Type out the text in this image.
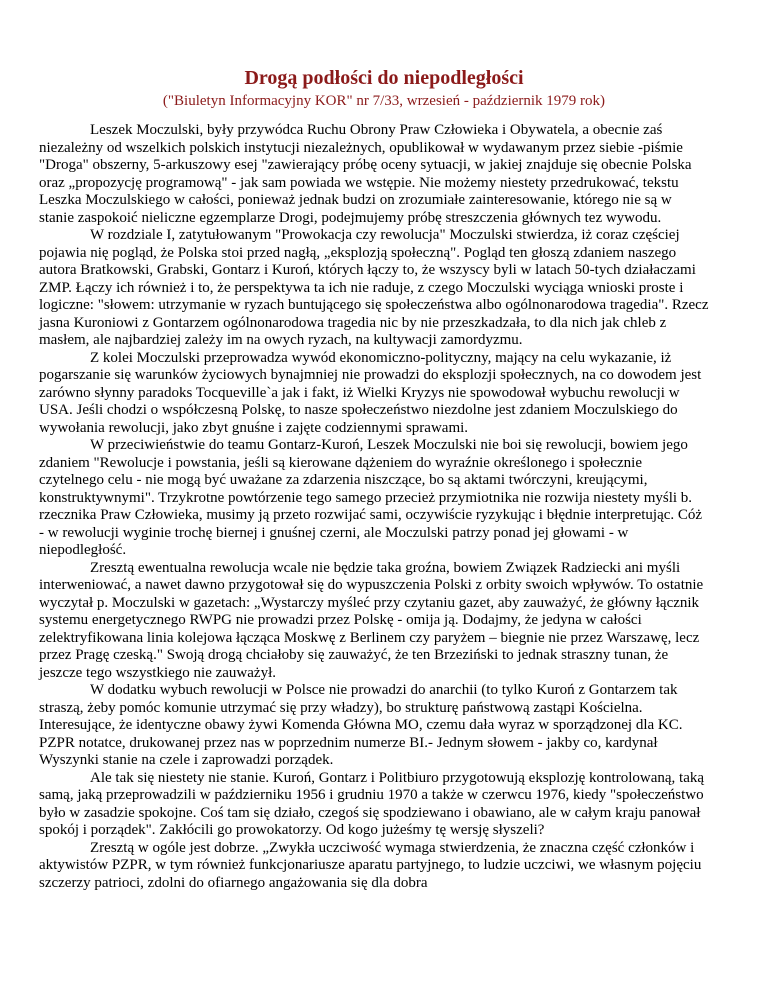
Drogą podłości do niepodległości
("Biuletyn Informacyjny KOR" nr 7/33, wrzesień - październik 1979 rok)

Leszek Moczulski, były przywódca Ruchu Obrony Praw Człowieka i Obywatela, a obecnie zaś niezależny od wszelkich polskich instytucji niezależnych, opublikował w wydawanym przez siebie -piśmie "Droga" obszerny, 5-arkuszowy esej "zawierający próbę oceny sytuacji, w jakiej znajduje się obecnie Polska oraz „propozycję programową" - jak sam powiada we wstępie. Nie możemy niestety przedrukować, tekstu Leszka Moczulskiego w całości, ponieważ jednak budzi on zrozumiałe zainteresowanie, którego nie są w stanie zaspokoić nieliczne egzemplarze Drogi, podejmujemy próbę streszczenia głównych tez wywodu.

W rozdziale I, zatytułowanym "Prowokacja czy rewolucja" Moczulski stwierdza, iż coraz częściej pojawia nię pogląd, że Polska stoi przed nagłą, „eksplozją społeczną". Pogląd ten głoszą zdaniem naszego autora Bratkowski, Grabski, Gontarz i Kuroń, których łączy to, że wszyscy byli w latach 50-tych działaczami ZMP. Łączy ich również i to, że perspektywa ta ich nie raduje, z czego Moczulski wyciąga wnioski proste i logiczne: "słowem: utrzymanie w ryzach buntującego się społeczeństwa albo ogólnonarodowa tragedia". Rzecz jasna Kuroniowi z Gontarzem ogólnonarodowa tragedia nic by nie przeszkadzała, to dla nich jak chleb z masłem, ale najbardziej zależy im na owych ryzach, na kultywacji zamordyzmu.

Z kolei Moczulski przeprowadza wywód ekonomiczno-polityczny, mający na celu wykazanie, iż pogarszanie się warunków życiowych bynajmniej nie prowadzi do eksplozji społecznych, na co dowodem jest zarówno słynny paradoks Tocqueville`a jak i fakt, iż Wielki Kryzys nie spowodował wybuchu rewolucji w USA. Jeśli chodzi o współczesną Polskę, to nasze społeczeństwo niezdolne jest zdaniem Moczulskiego do wywołania rewolucji, jako zbyt gnuśne i zajęte codziennymi sprawami.

W przeciwieństwie do teamu Gontarz-Kuroń, Leszek Moczulski nie boi się rewolucji, bowiem jego zdaniem "Rewolucje i powstania, jeśli są kierowane dążeniem do wyraźnie określonego i społecznie czytelnego celu - nie mogą być uważane za zdarzenia niszczące, bo są aktami twórczyni, kreującymi, konstruktywnymi". Trzykrotne powtórzenie tego samego przecież przymiotnika nie rozwija niestety myśli b. rzecznika Praw Człowieka, musimy ją przeto rozwijać sami, oczywiście ryzykując i błędnie interpretując. Cóż - w rewolucji wyginie trochę biernej i gnuśnej czerni, ale Moczulski patrzy ponad jej głowami - w niepodległość.

Zresztą ewentualna rewolucja wcale nie będzie taka groźna, bowiem Związek Radziecki ani myśli interweniować, a nawet dawno przygotował się do wypuszczenia Polski z orbity swoich wpływów. To ostatnie wyczytał p. Moczulski w gazetach: „Wystarczy myśleć przy czytaniu gazet, aby zauważyć, że główny łącznik systemu energetycznego RWPG nie prowadzi przez Polskę - omija ją. Dodajmy, że jedyna w całości zelektryfikowana linia kolejowa łącząca Moskwę z Berlinem czy paryżem – biegnie nie przez Warszawę, lecz przez Pragę czeską." Swoją drogą chciałoby się zauważyć, że ten Brzeziński to jednak straszny tunan, że jeszcze tego wszystkiego nie zauważył.

W dodatku wybuch rewolucji w Polsce nie prowadzi do anarchii (to tylko Kuroń z Gontarzem tak straszą, żeby pomóc komunie utrzymać się przy władzy), bo strukturę państwową zastąpi Kościelna. Interesujące, że identyczne obawy żywi Komenda Główna MO, czemu dała wyraz w sporządzonej dla KC. PZPR notatce, drukowanej przez nas w poprzednim numerze BI.- Jednym słowem - jakby co, kardynał Wyszynki stanie na czele i zaprowadzi porządek.

Ale tak się niestety nie stanie. Kuroń, Gontarz i Politbiuro przygotowują eksplozję kontrolowaną, taką samą, jaką przeprowadzili w październiku 1956 i grudniu 1970 a także w czerwcu 1976, kiedy "społeczeństwo było w zasadzie spokojne. Coś tam się działo, czegoś się spodziewano i obawiano, ale w całym kraju panował spokój i porządek". Zakłócili go prowokatorzy. Od kogo jużeśmy tę wersję słyszeli?

Zresztą w ogóle jest dobrze. „Zwykła uczciwość wymaga stwierdzenia, że znaczna część członków i aktywistów PZPR, w tym również funkcjonariusze aparatu partyjnego, to ludzie uczciwi, we własnym pojęciu szczerzy patrioci, zdolni do ofiarnego angażowania się dla dobra
